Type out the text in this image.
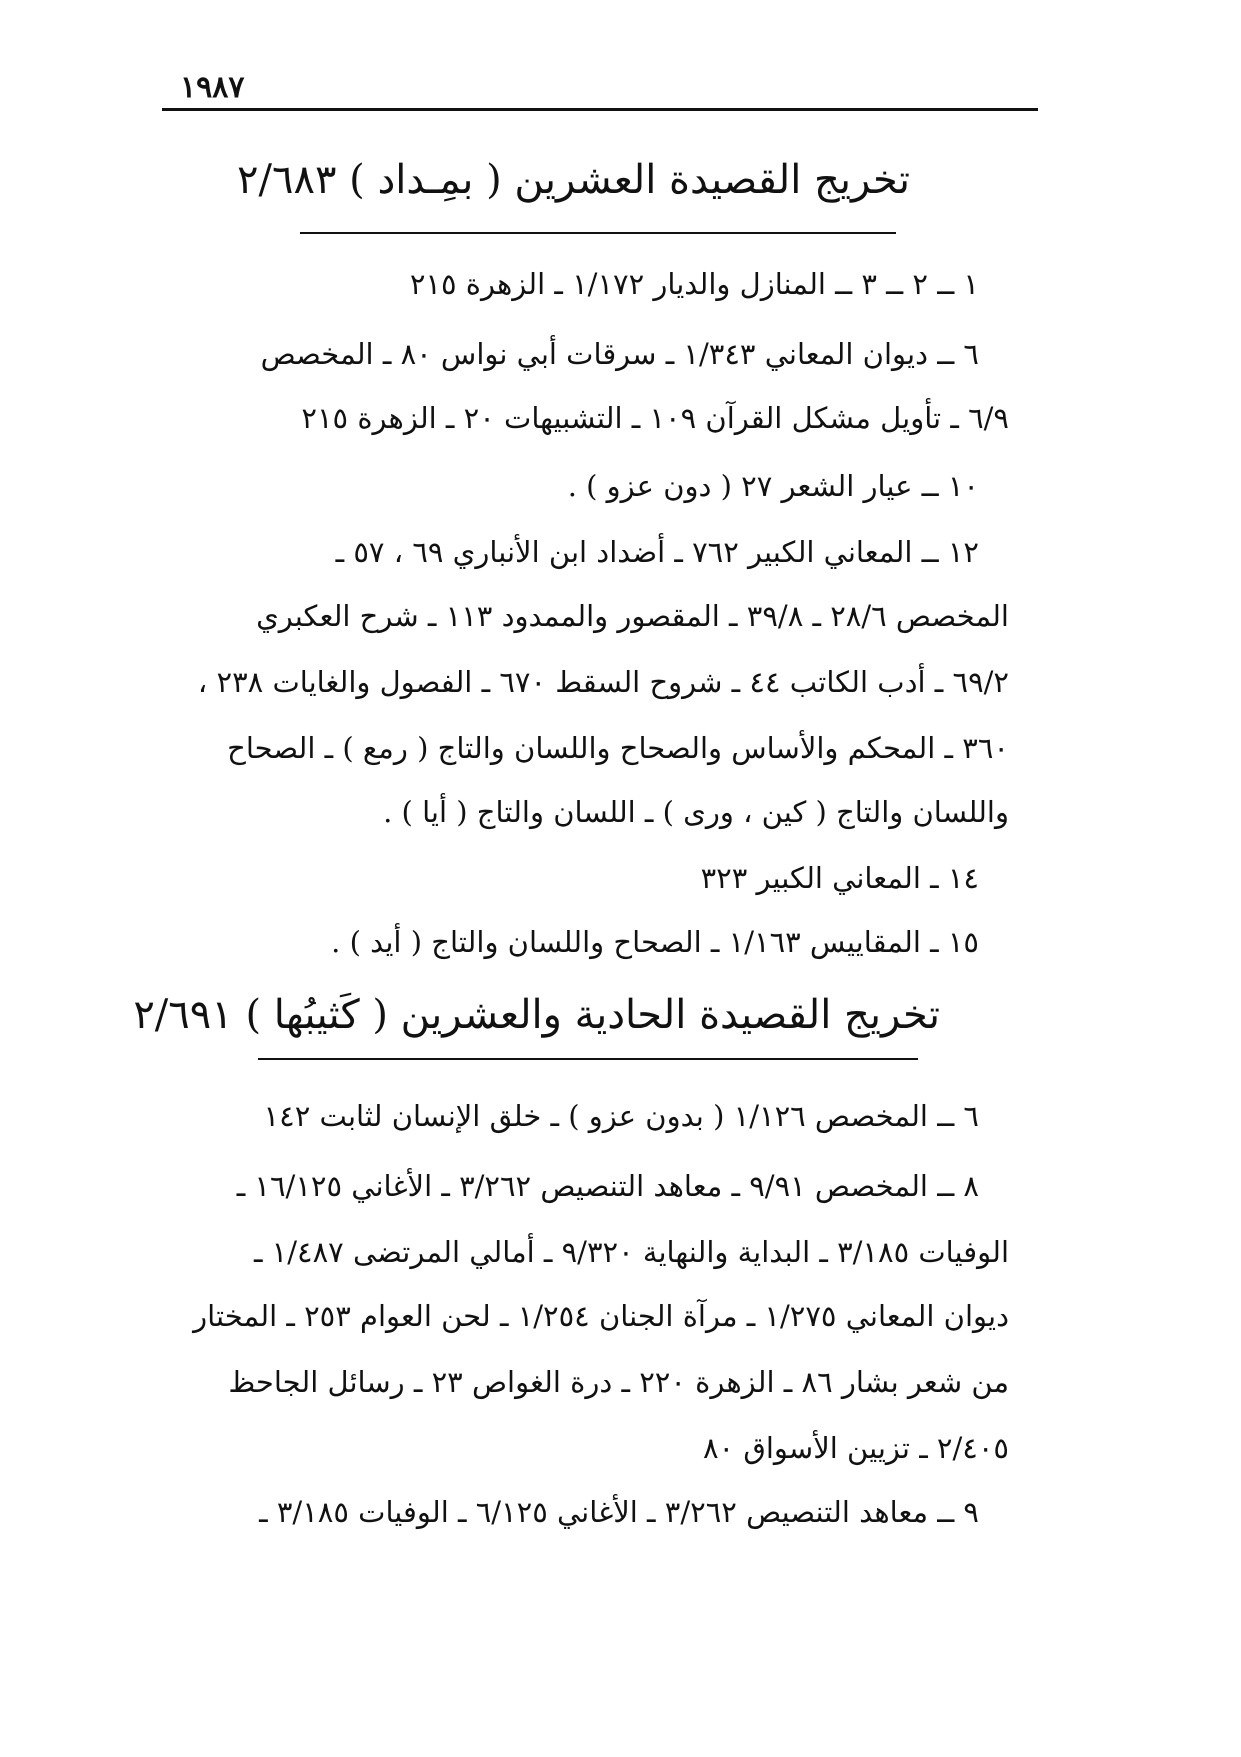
١٩٨٧
تخريج القصيدة العشرين ( بمِـداد ) ٢/٦٨٣
١ ــ ٢ ــ ٣ ــ المنازل والديار ١/١٧٢ ـ الزهرة ٢١٥
٦ ــ ديوان المعاني ١/٣٤٣ ـ سرقات أبي نواس ٨٠ ـ المخصص
٦/٩ ـ تأويل مشكل القرآن ١٠٩ ـ التشبيهات ٢٠ ـ الزهرة ٢١٥
١٠ ــ عيار الشعر ٢٧ ( دون عزو ) .
١٢ ــ المعاني الكبير ٧٦٢ ـ أضداد ابن الأنباري ٦٩ ، ٥٧ ـ
المخصص ٢٨/٦ ـ ٣٩/٨ ـ المقصور والممدود ١١٣ ـ شرح العكبري
٦٩/٢ ـ أدب الكاتب ٤٤ ـ شروح السقط ٦٧٠ ـ الفصول والغايات ٢٣٨ ،
٣٦٠ ـ المحكم والأساس والصحاح واللسان والتاج ( رمع ) ـ الصحاح
واللسان والتاج ( كين ، ورى ) ـ اللسان والتاج ( أيا ) .
١٤ ـ المعاني الكبير ٣٢٣
١٥ ـ المقاييس ١/١٦٣ ـ الصحاح واللسان والتاج ( أيد ) .
تخريج القصيدة الحادية والعشرين ( كَثيبُها ) ٢/٦٩١
٦ ــ المخصص ١/١٢٦ ( بدون عزو ) ـ خلق الإنسان لثابت ١٤٢
٨ ــ المخصص ٩/٩١ ـ معاهد التنصيص ٣/٢٦٢ ـ الأغاني ١٦/١٢٥ ـ
الوفيات ٣/١٨٥ ـ البداية والنهاية ٩/٣٢٠ ـ أمالي المرتضى ١/٤٨٧ ـ
ديوان المعاني ١/٢٧٥ ـ مرآة الجنان ١/٢٥٤ ـ لحن العوام ٢٥٣ ـ المختار
من شعر بشار ٨٦ ـ الزهرة ٢٢٠ ـ درة الغواص ٢٣ ـ رسائل الجاحظ
٢/٤٠٥ ـ تزيين الأسواق ٨٠
٩ ــ معاهد التنصيص ٣/٢٦٢ ـ الأغاني ٦/١٢٥ ـ الوفيات ٣/١٨٥ ـ
